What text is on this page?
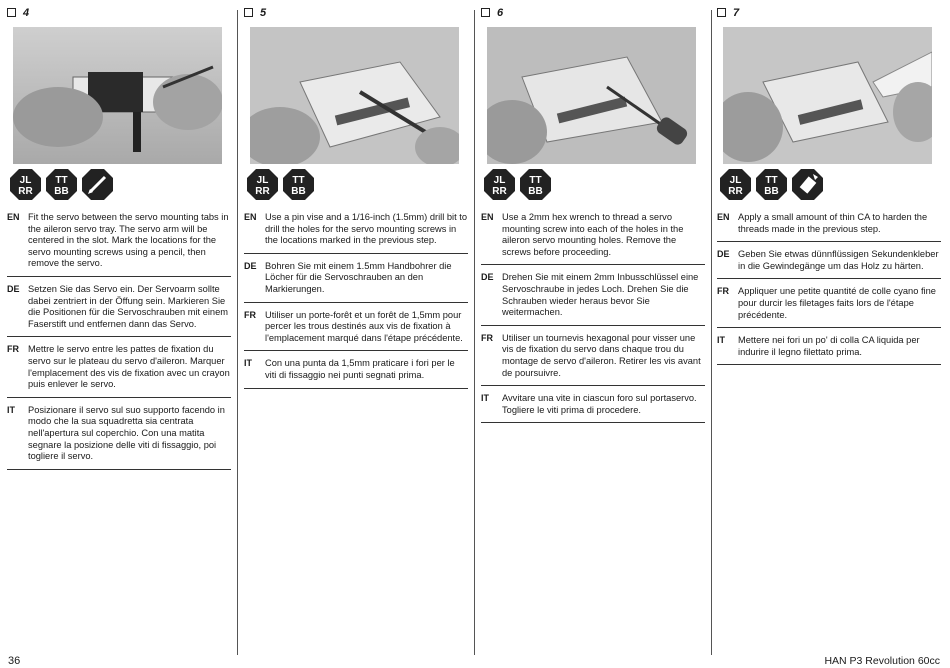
4
JL
RR
TT
BB
EN Fit the servo between the servo mounting tabs in the aileron servo tray. The servo arm will be centered in the slot. Mark the locations for the servo mounting screws using a pencil, then remove the servo.
DE Setzen Sie das Servo ein. Der Servoarm sollte dabei zentriert in der Öffung sein. Markieren Sie die Positionen für die Servoschrauben mit einem Faserstift und entfernen dann das Servo.
FR Mettre le servo entre les pattes de fixation du servo sur le plateau du servo d'aileron. Marquer l'emplacement des vis de fixation avec un crayon puis enlever le servo.
IT	Posizionare il servo sul suo supporto facendo in modo che la sua squadretta sia centrata nell'apertura sul coperchio. Con una matita segnare la posizione delle viti di fissaggio, poi togliere il servo.
5
JL
RR
TT
BB
EN Use a pin vise and a 1/16-inch (1.5mm) drill bit to drill the holes for the servo mounting screws in the locations marked in the previous step.
DE Bohren Sie mit einem 1.5mm Handbohrer die Löcher für die Servoschrauben an den Markierungen.
FR Utiliser un porte-forêt et un forêt de 1,5mm pour percer les trous destinés aux vis de fixation à l'emplacement marqué dans l'étape précédente.
IT	Con una punta da 1,5mm praticare i fori per le viti di fissaggio nei punti segnati prima.
6
JL
RR
TT
BB
EN Use a 2mm hex wrench to thread a servo mounting screw into each of the holes in the aileron servo mounting holes. Remove the screws before proceeding.
DE Drehen Sie mit einem 2mm Inbusschlüssel eine Servoschraube in jedes Loch. Drehen Sie die Schrauben wieder heraus bevor Sie weitermachen.
FR Utiliser un tournevis hexagonal pour visser une vis de fixation du servo dans chaque trou du montage de servo d'aileron. Retirer les vis avant de poursuivre.
IT	Avvitare una vite in ciascun foro sul portaservo. Togliere le viti prima di procedere.
7
JL
RR
TT
BB
EN Apply a small amount of thin CA to harden the threads made in the previous step.
DE Geben Sie etwas dünnflüssigen Sekundenkleber in die Gewindegänge um das Holz zu härten.
FR Appliquer une petite quantité de colle cyano fine pour durcir les filetages faits lors de l'étape précédente.
IT	Mettere nei fori un po' di colla CA liquida per indurire il legno filettato prima.
36	HAN P3 Revolution 60cc
